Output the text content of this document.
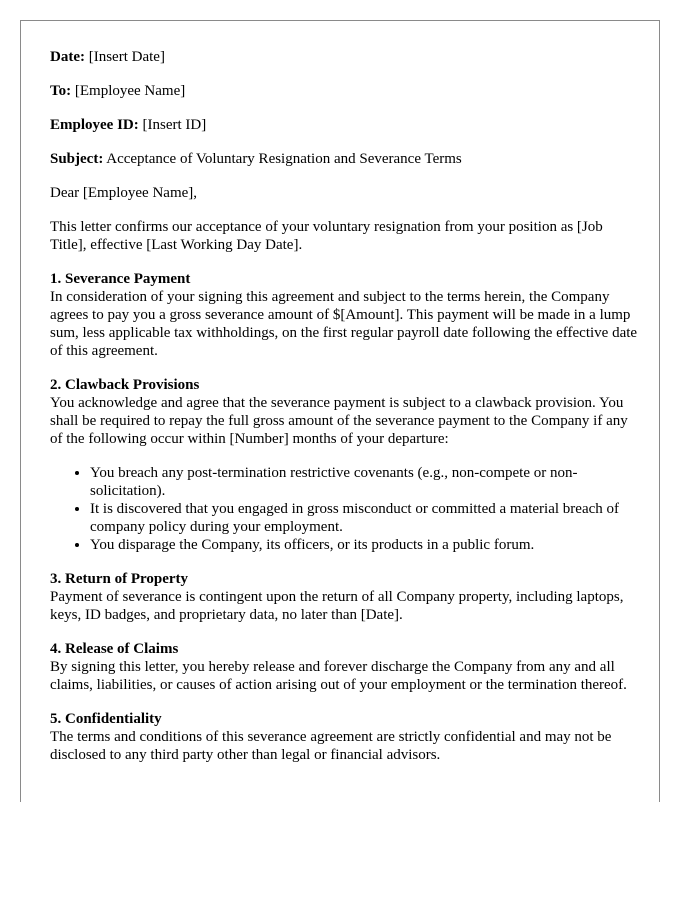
Date: [Insert Date]

To: [Employee Name]

Employee ID: [Insert ID]

Subject: Acceptance of Voluntary Resignation and Severance Terms

Dear [Employee Name],

This letter confirms our acceptance of your voluntary resignation from your position as [Job Title], effective [Last Working Day Date].

1. Severance Payment
In consideration of your signing this agreement and subject to the terms herein, the Company agrees to pay you a gross severance amount of $[Amount]. This payment will be made in a lump sum, less applicable tax withholdings, on the first regular payroll date following the effective date of this agreement.
2. Clawback Provisions
You acknowledge and agree that the severance payment is subject to a clawback provision. You shall be required to repay the full gross amount of the severance payment to the Company if any of the following occur within [Number] months of your departure:
• You breach any post-termination restrictive covenants (e.g., non-compete or non-solicitation).
• It is discovered that you engaged in gross misconduct or committed a material breach of company policy during your employment.
• You disparage the Company, its officers, or its products in a public forum.
3. Return of Property
Payment of severance is contingent upon the return of all Company property, including laptops, keys, ID badges, and proprietary data, no later than [Date].
4. Release of Claims
By signing this letter, you hereby release and forever discharge the Company from any and all claims, liabilities, or causes of action arising out of your employment or the termination thereof.
5. Confidentiality
The terms and conditions of this severance agreement are strictly confidential and may not be disclosed to any third party other than legal or financial advisors.
